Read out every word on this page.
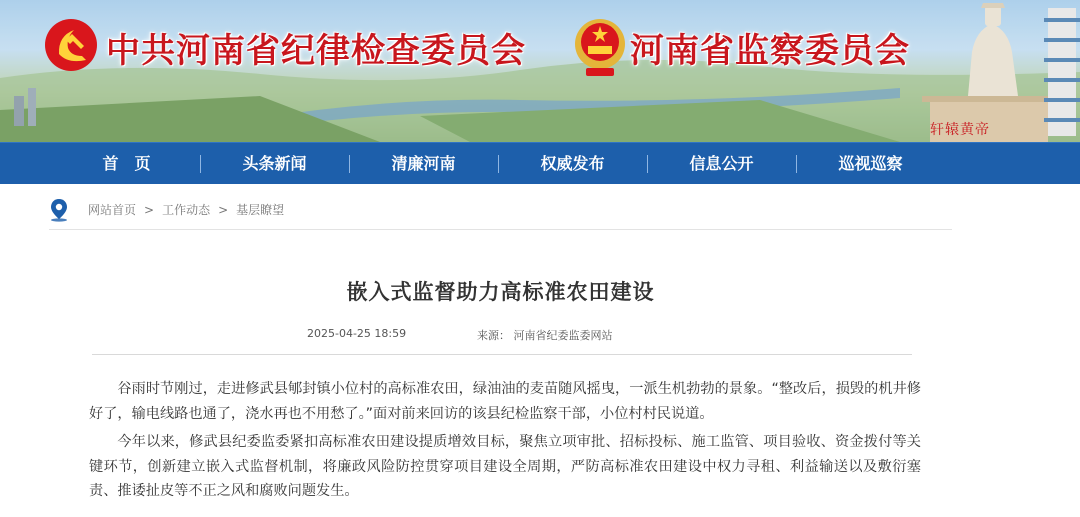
中共河南省纪律检查委员会	河南省监察委员会
轩辕黄帝
首　页	头条新闻	清廉河南	权威发布	信息公开	巡视巡察
网站首页 > 工作动态 > 基层瞭望
嵌入式监督助力高标准农田建设
2025-04-25 18:59	来源： 河南省纪委监委网站

谷雨时节刚过，走进修武县郇封镇小位村的高标准农田，绿油油的麦苗随风摇曳，一派生机勃勃的景象。“整改后，损毁的机井修好了，输电线路也通了，浇水再也不用愁了。”面对前来回访的该县纪检监察干部，小位村村民说道。

今年以来，修武县纪委监委紧扣高标准农田建设提质增效目标，聚焦立项审批、招标投标、施工监管、项目验收、资金拨付等关键环节，创新建立嵌入式监督机制，将廉政风险防控贯穿项目建设全周期，严防高标准农田建设中权力寻租、利益输送以及敷衍塞责、推诿扯皮等不正之风和腐败问题发生。
